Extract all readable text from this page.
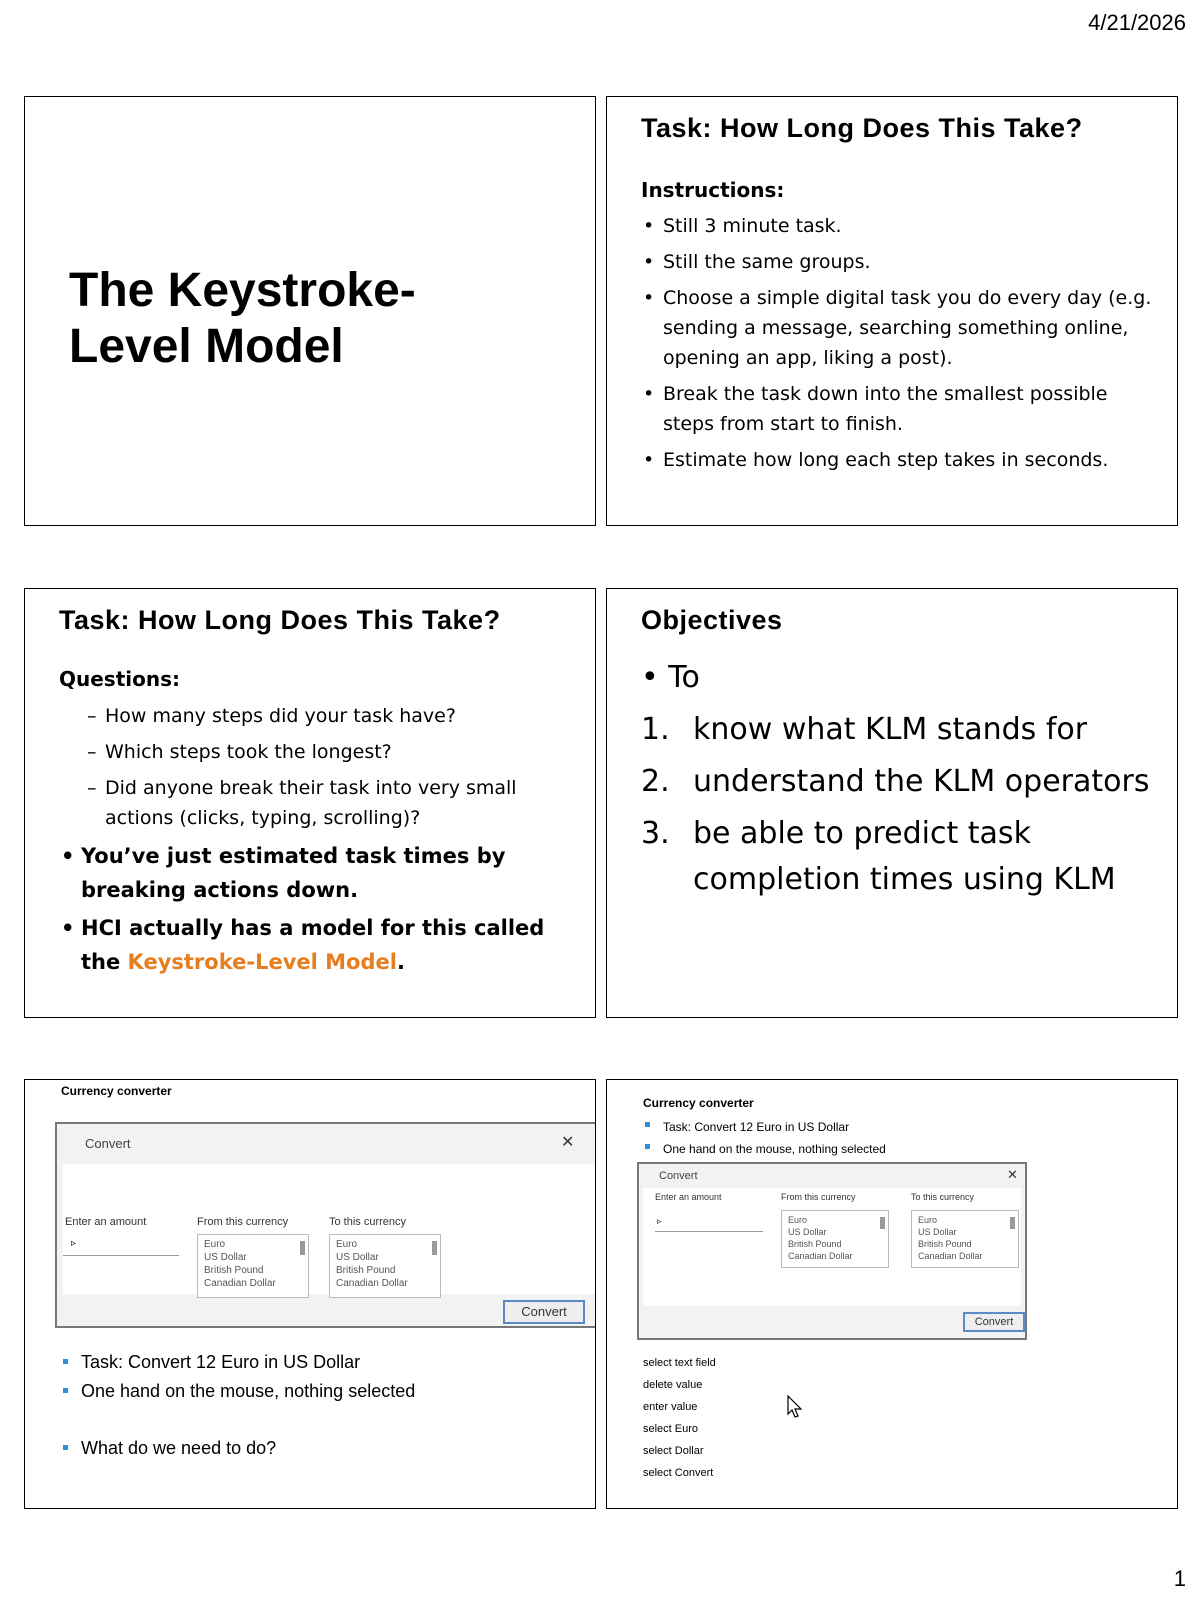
4/21/2026
The Keystroke-
Level Model
Task: How Long Does This Take?
Instructions:
• Still 3 minute task.
• Still the same groups.
• Choose a simple digital task you do every day (e.g. sending a message, searching something online, opening an app, liking a post).
• Break the task down into the smallest possible steps from start to finish.
• Estimate how long each step takes in seconds.
Task: How Long Does This Take?
Questions:
– How many steps did your task have?
– Which steps took the longest?
– Did anyone break their task into very small actions (clicks, typing, scrolling)?
• You’ve just estimated task times by breaking actions down.
• HCI actually has a model for this called the Keystroke-Level Model.
Objectives
• To
1. know what KLM stands for
2. understand the KLM operators
3. be able to predict task completion times using KLM
Currency converter
Convert	✕
Enter an amount
▹
From this currency
Euro
US Dollar
British Pound
Canadian Dollar
To this currency
Euro
US Dollar
British Pound
Canadian Dollar
Convert
Task: Convert 12 Euro in US Dollar
One hand on the mouse, nothing selected
What do we need to do?
Currency converter
Task: Convert 12 Euro in US Dollar
One hand on the mouse, nothing selected
Convert	✕
Enter an amount
▹
From this currency
Euro
US Dollar
British Pound
Canadian Dollar
To this currency
Euro
US Dollar
British Pound
Canadian Dollar
Convert
select text field
delete value
enter value
select Euro
select Dollar
select Convert
1
